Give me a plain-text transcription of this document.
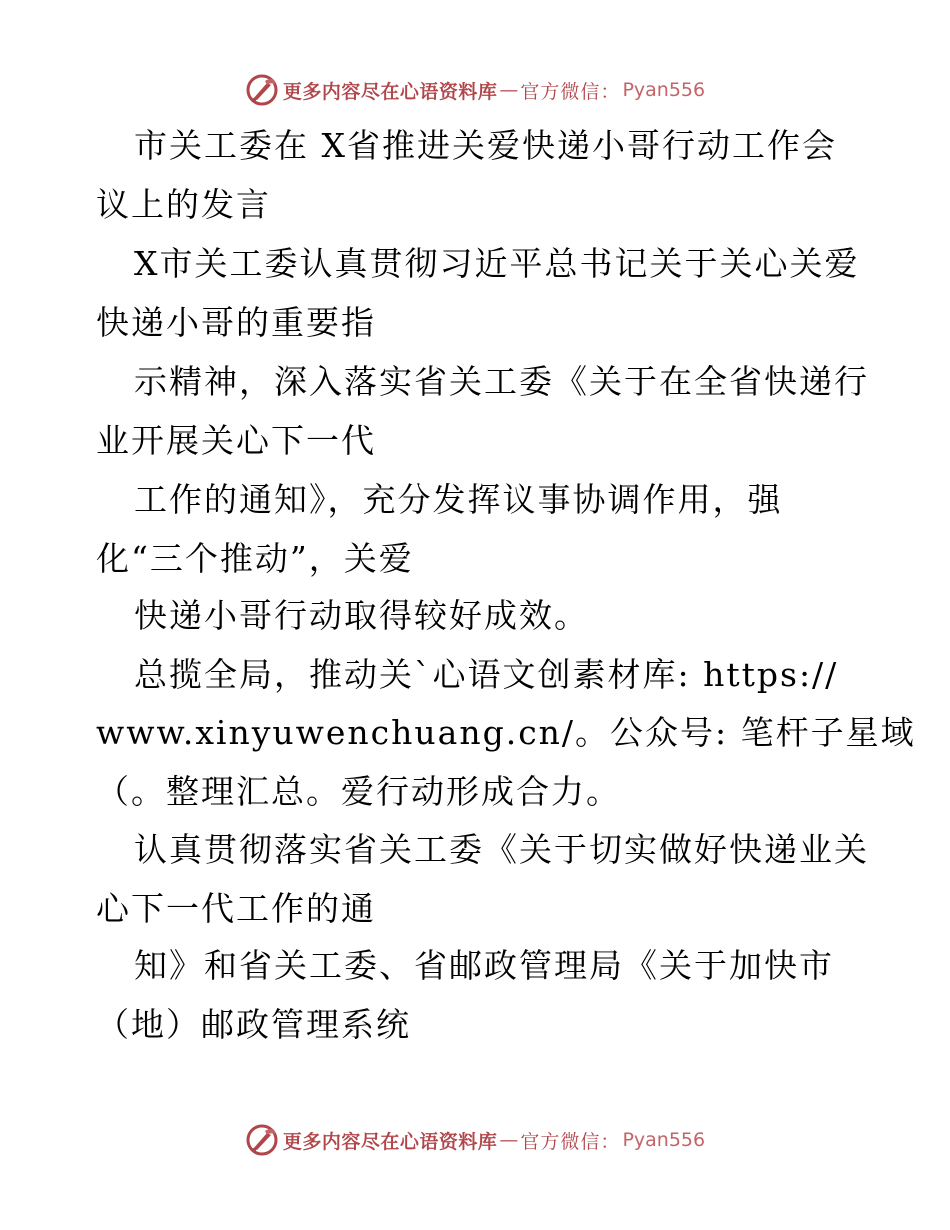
更多内容尽在心语资料库 — 官方微信： Pyan556
市关工委在 X省推进关爱快递小哥行动工作会
议上的发言
X市关工委认真贯彻习近平总书记关于关心关爱
快递小哥的重要指
示精神，深入落实省关工委《关于在全省快递行
业开展关心下一代
工作的通知》，充分发挥议事协调作用，强
化“三个推动”，关爱
快递小哥行动取得较好成效。
总揽全局，推动关`心语文创素材库: https://
www.xinyuwenchuang.cn/。公众号: 笔杆子星域
（。整理汇总。爱行动形成合力。
认真贯彻落实省关工委《关于切实做好快递业关
心下一代工作的通
知》和省关工委、省邮政管理局《关于加快市
（地）邮政管理系统
更多内容尽在心语资料库 — 官方微信： Pyan556
